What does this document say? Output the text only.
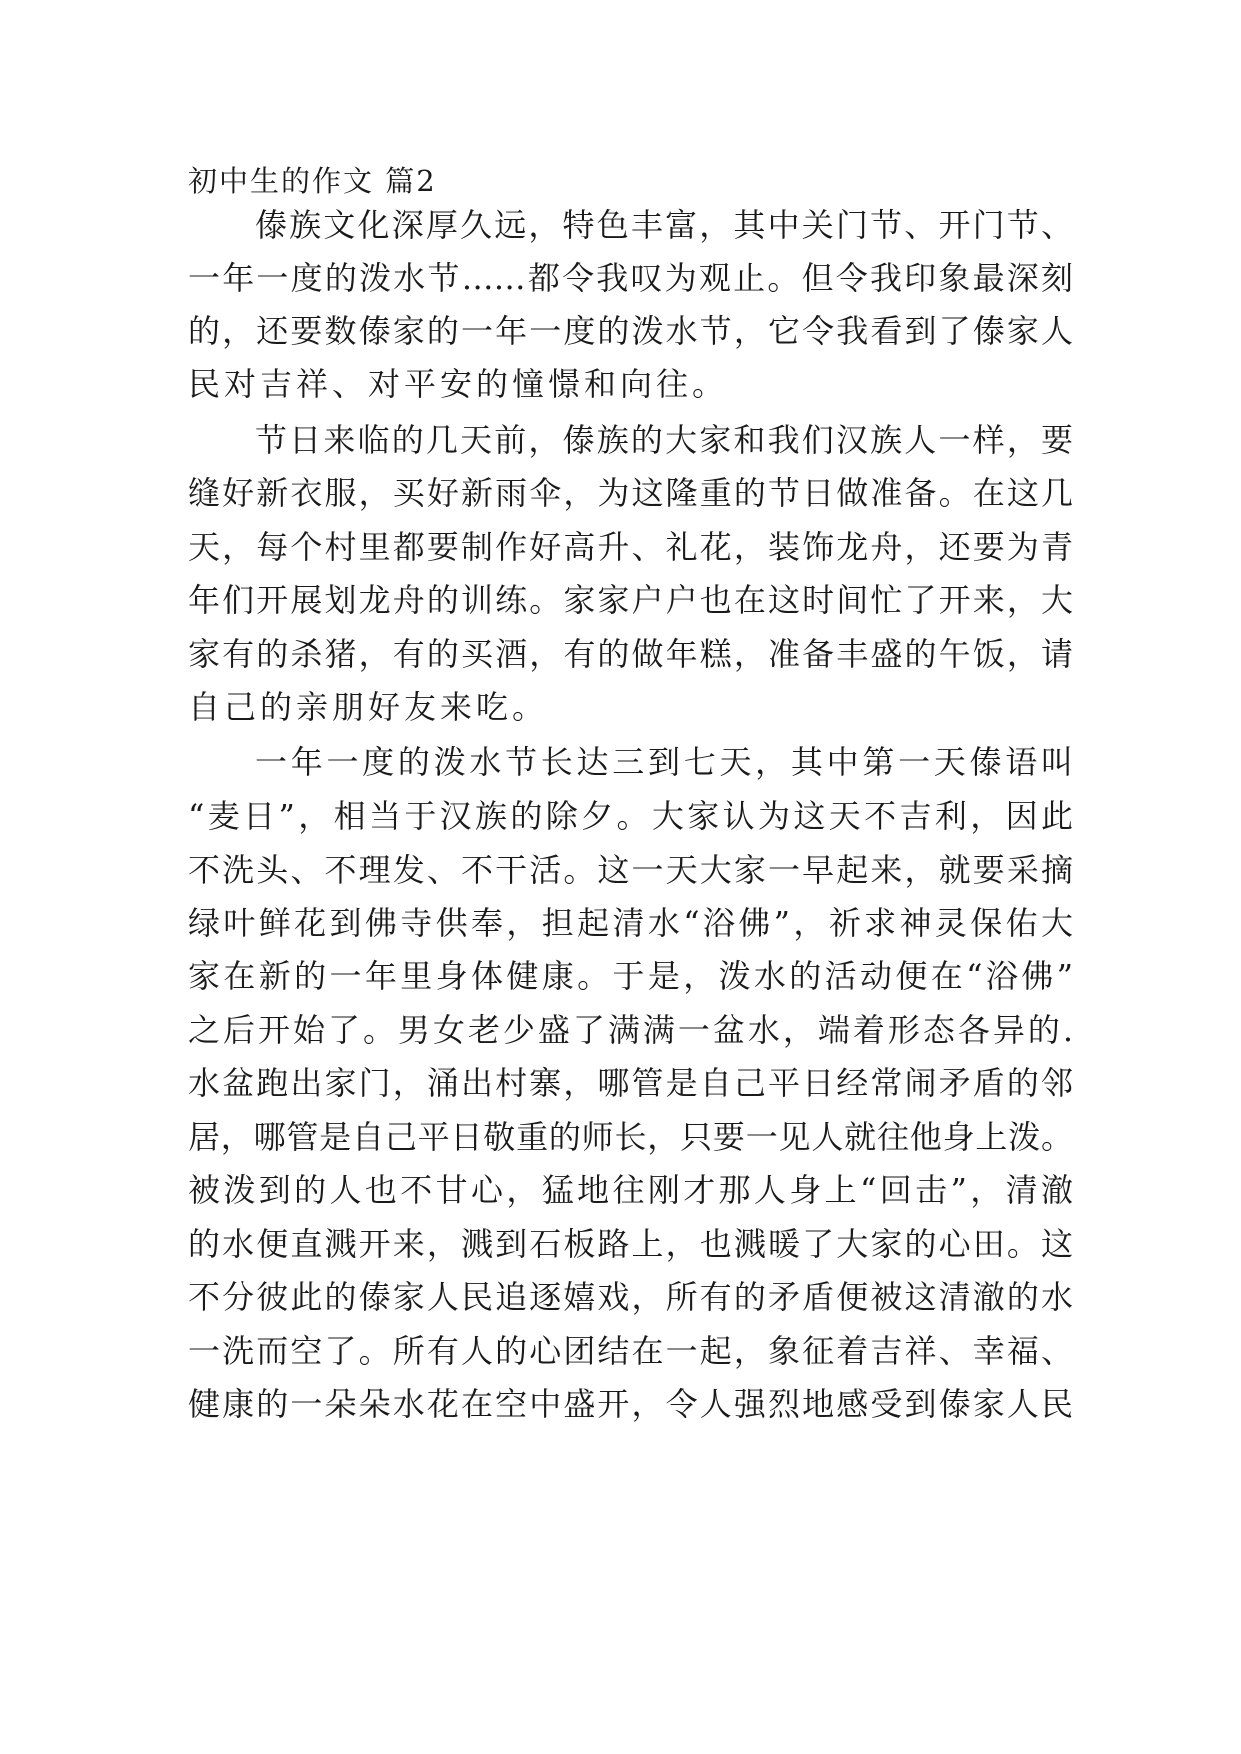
初中生的作文 篇2
傣族文化深厚久远，特色丰富，其中关门节、开门节、
一年一度的泼水节……都令我叹为观止。但令我印象最深刻
的，还要数傣家的一年一度的泼水节，它令我看到了傣家人
民对吉祥、对平安的憧憬和向往。
节日来临的几天前，傣族的大家和我们汉族人一样，要
缝好新衣服，买好新雨伞，为这隆重的节日做准备。在这几
天，每个村里都要制作好高升、礼花，装饰龙舟，还要为青
年们开展划龙舟的训练。家家户户也在这时间忙了开来，大
家有的杀猪，有的买酒，有的做年糕，准备丰盛的午饭，请
自己的亲朋好友来吃。
一年一度的泼水节长达三到七天，其中第一天傣语叫
“麦日”，相当于汉族的除夕。大家认为这天不吉利，因此
不洗头、不理发、不干活。这一天大家一早起来，就要采摘
绿叶鲜花到佛寺供奉，担起清水“浴佛”，祈求神灵保佑大
家在新的一年里身体健康。于是，泼水的活动便在“浴佛”
之后开始了。男女老少盛了满满一盆水，端着形态各异的.
水盆跑出家门，涌出村寨，哪管是自己平日经常闹矛盾的邻
居，哪管是自己平日敬重的师长，只要一见人就往他身上泼。
被泼到的人也不甘心，猛地往刚才那人身上“回击”，清澈
的水便直溅开来，溅到石板路上，也溅暖了大家的心田。这
不分彼此的傣家人民追逐嬉戏，所有的矛盾便被这清澈的水
一洗而空了。所有人的心团结在一起，象征着吉祥、幸福、
健康的一朵朵水花在空中盛开，令人强烈地感受到傣家人民
